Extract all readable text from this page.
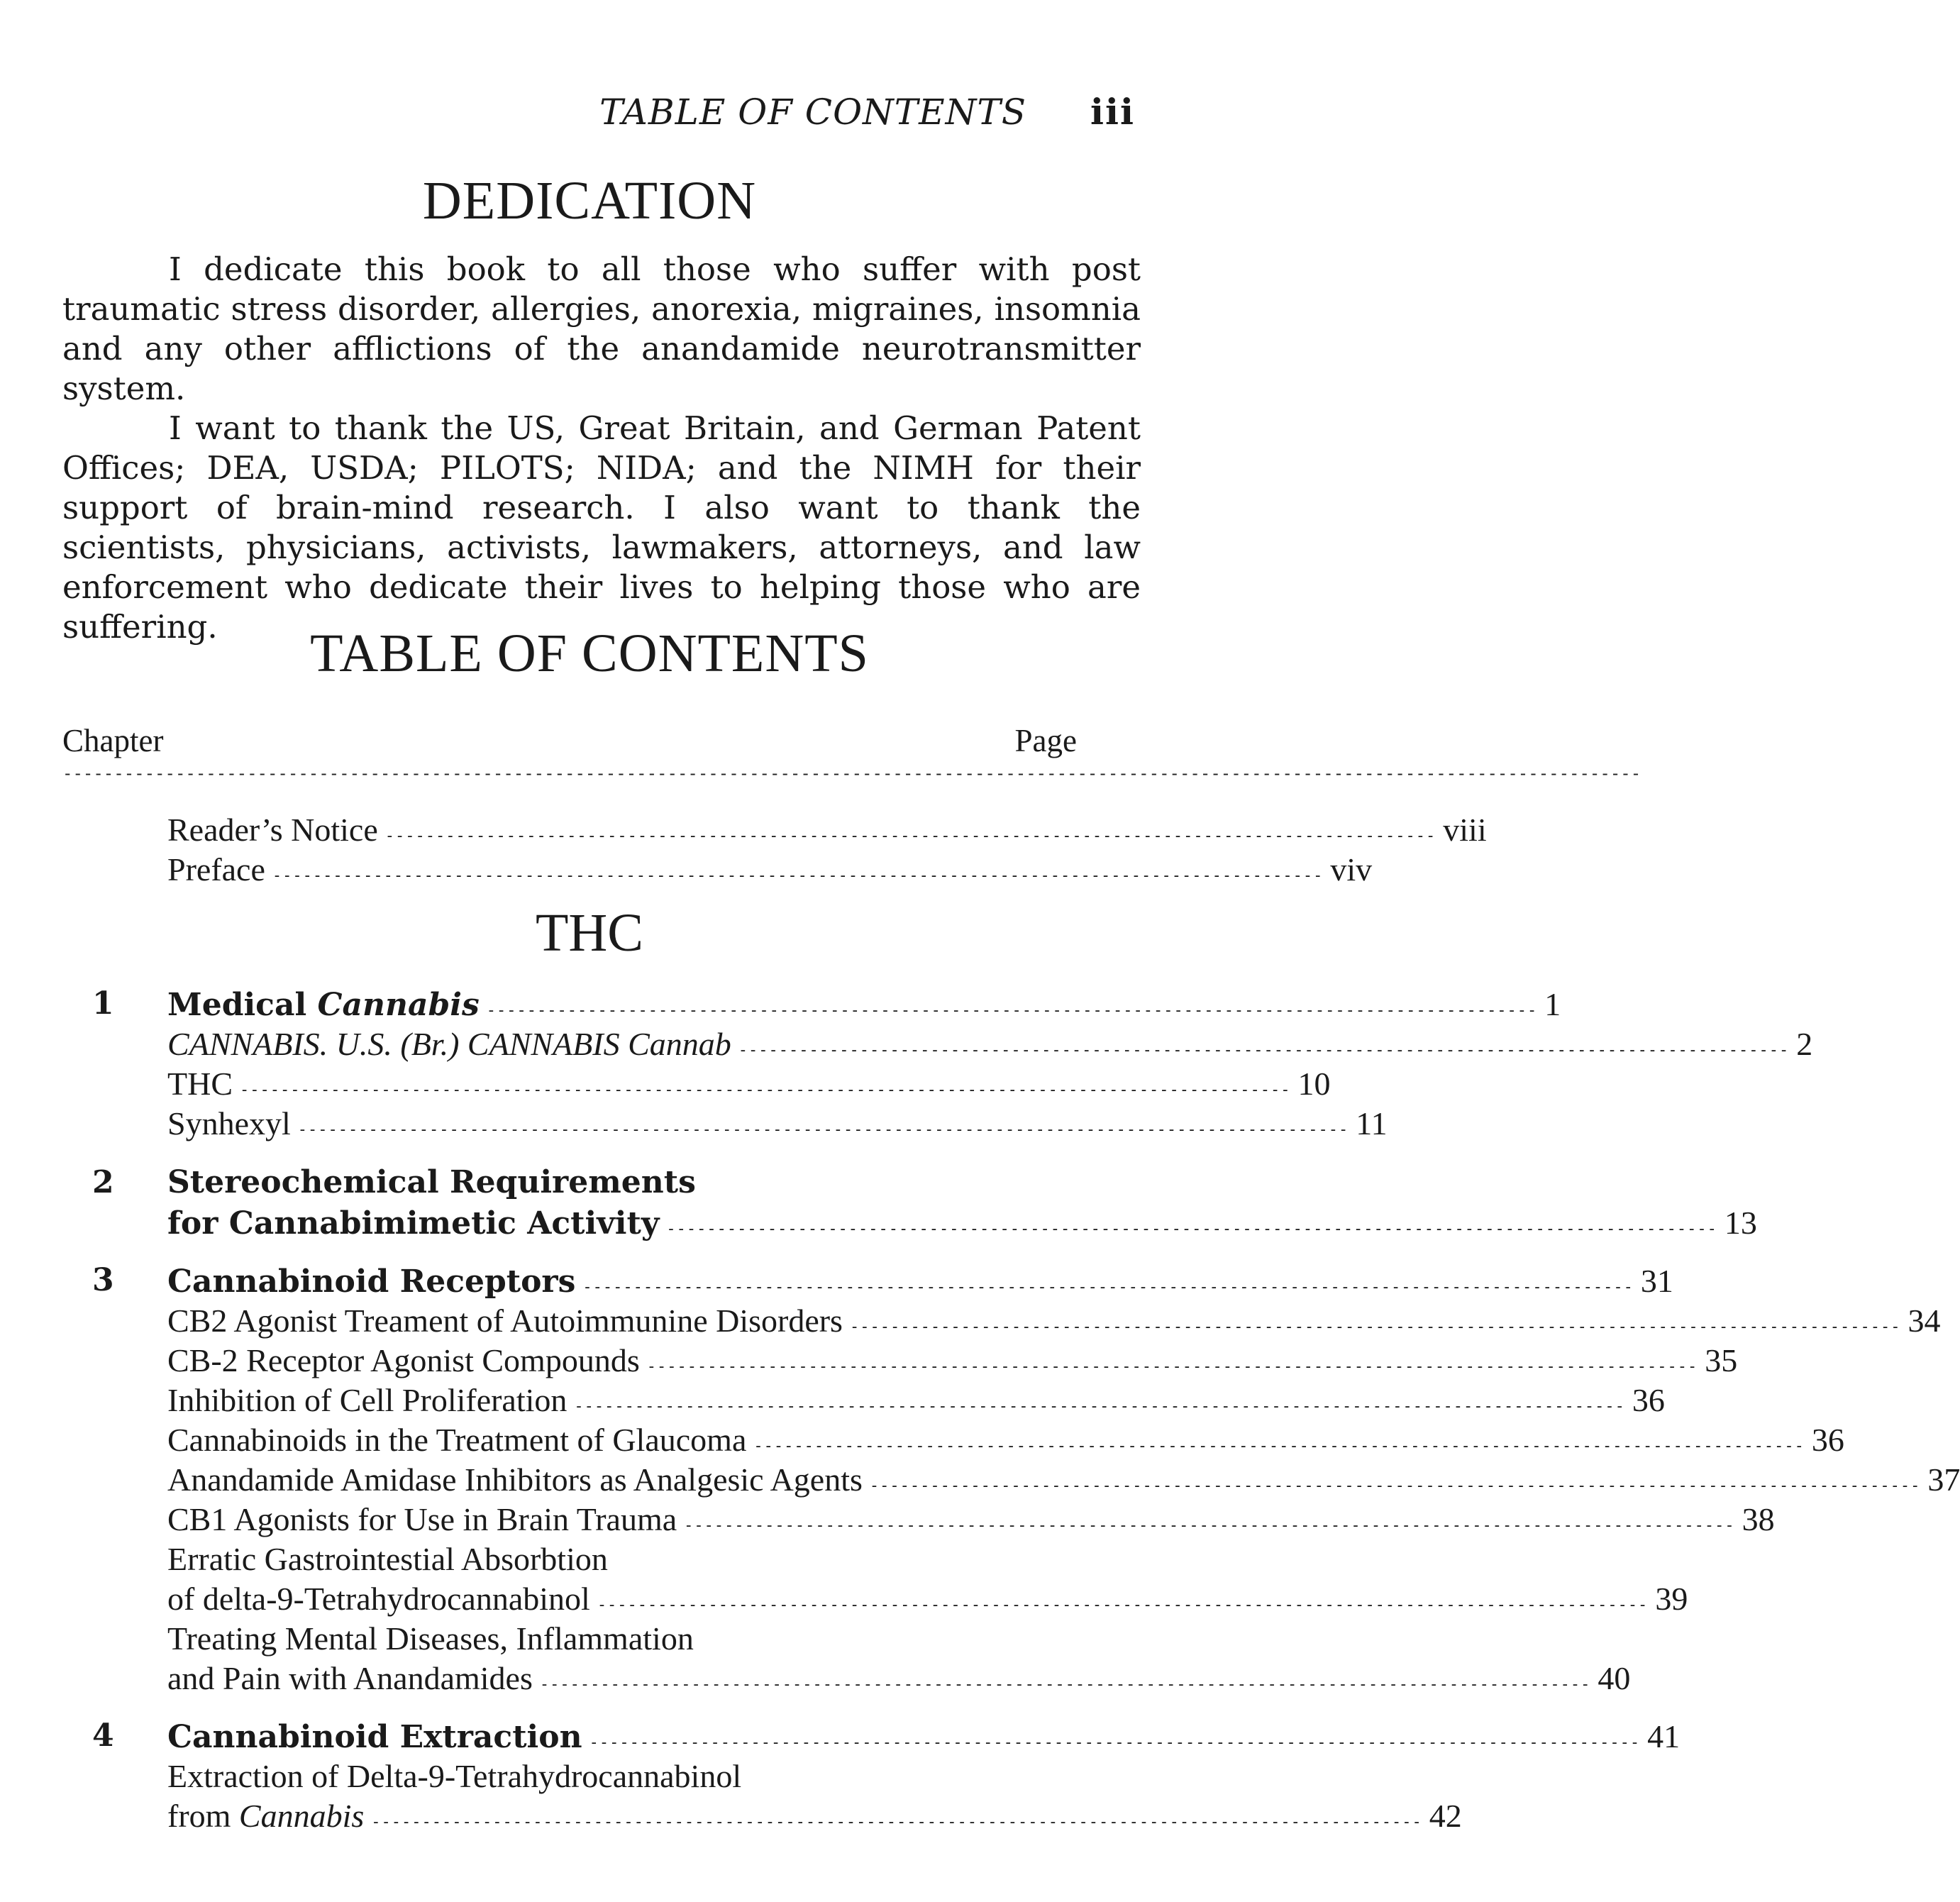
TABLE OF CONTENTS iii
DEDICATION

I dedicate this book to all those who suffer with post traumatic stress disorder, allergies, anorexia, migraines, insomnia and any other afflictions of the anandamide neurotransmitter system.

I want to thank the US, Great Britain, and German Patent Offices; DEA, USDA; PILOTS; NIDA; and the NIMH for their support of brain-mind research. I also want to thank the scientists, physicians, activists, lawmakers, attorneys, and law enforcement who dedicate their lives to helping those who are suffering.	TABLE OF CONTENTS
Chapter	Page
----------------------------------------------------------------------------------------------------------------------------------------------------------
Reader’s Notice -------------------------------------------------------------------------------------------------------- viii
Preface -------------------------------------------------------------------------------------------------------- viv
THC
1	Medical Cannabis -------------------------------------------------------------------------------------------------------- 1
CANNABIS. U.S. (Br.) CANNABIS Cannab -------------------------------------------------------------------------------------------------------- 2
THC -------------------------------------------------------------------------------------------------------- 10
Synhexyl -------------------------------------------------------------------------------------------------------- 11
2	Stereochemical Requirements
for Cannabimimetic Activity -------------------------------------------------------------------------------------------------------- 13
3	Cannabinoid Receptors -------------------------------------------------------------------------------------------------------- 31
CB2 Agonist Treament of Autoimmunine Disorders -------------------------------------------------------------------------------------------------------- 34
CB-2 Receptor Agonist Compounds -------------------------------------------------------------------------------------------------------- 35
Inhibition of Cell Proliferation -------------------------------------------------------------------------------------------------------- 36
Cannabinoids in the Treatment of Glaucoma -------------------------------------------------------------------------------------------------------- 36
Anandamide Amidase Inhibitors as Analgesic Agents -------------------------------------------------------------------------------------------------------- 37
CB1 Agonists for Use in Brain Trauma -------------------------------------------------------------------------------------------------------- 38
Erratic Gastrointestial Absorbtion
of delta-9-Tetrahydrocannabinol -------------------------------------------------------------------------------------------------------- 39
Treating Mental Diseases, Inflammation
and Pain with Anandamides -------------------------------------------------------------------------------------------------------- 40
4	Cannabinoid Extraction -------------------------------------------------------------------------------------------------------- 41
Extraction of Delta-9-Tetrahydrocannabinol
from Cannabis -------------------------------------------------------------------------------------------------------- 42
